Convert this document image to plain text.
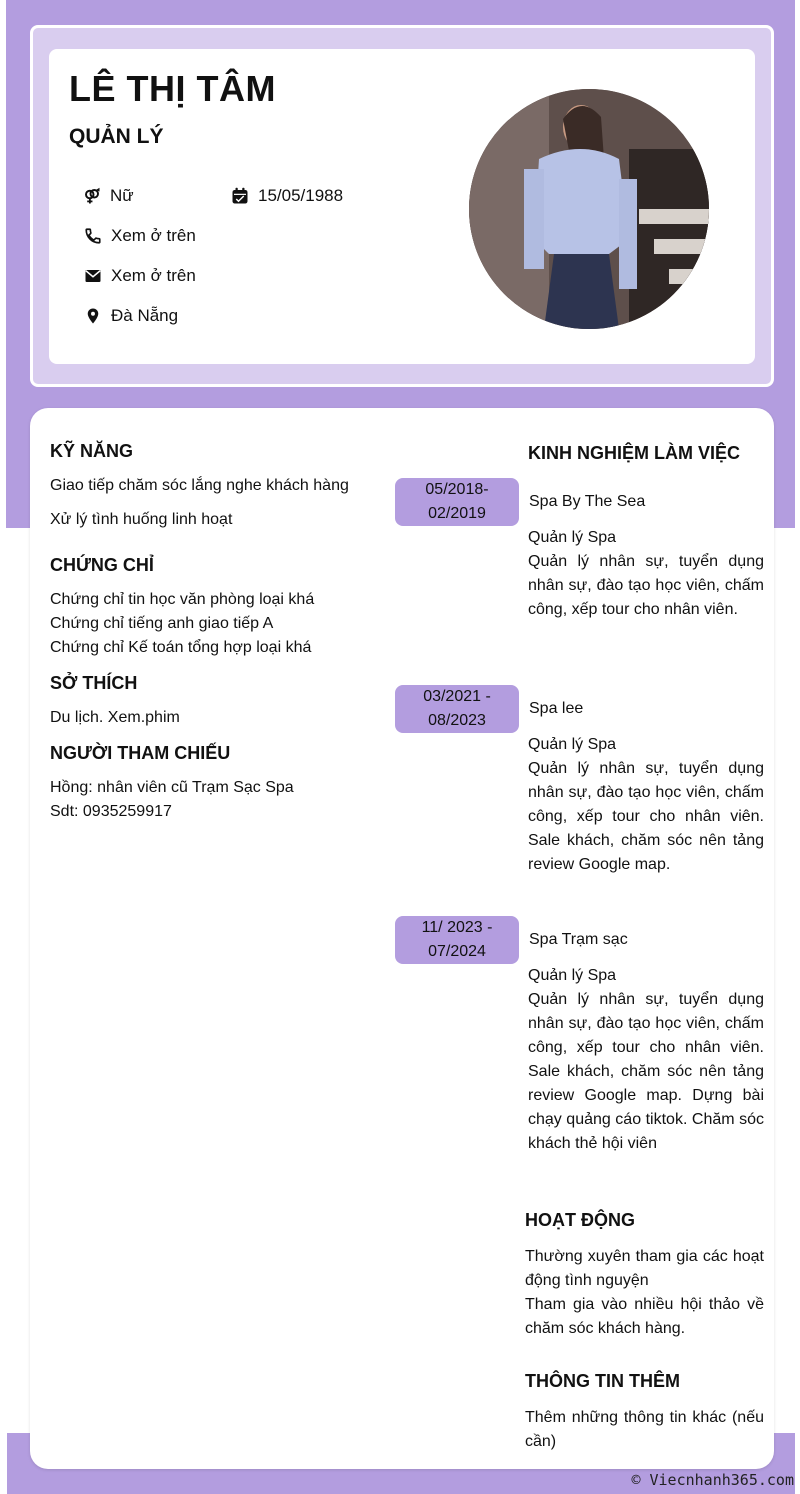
LÊ THỊ TÂM
QUẢN LÝ
Nữ	15/05/1988
Xem ở trên
Xem ở trên
Đà Nẵng
KỸ NĂNG
Giao tiếp chăm sóc lắng nghe khách hàng
Xử lý tình huống linh hoạt
CHỨNG CHỈ
Chứng chỉ tin học văn phòng loại khá
Chứng chỉ tiếng anh giao tiếp A
Chứng chỉ Kế toán tổng hợp loại khá
SỞ THÍCH
Du lịch. Xem.phim
NGƯỜI THAM CHIẾU
Hồng: nhân viên cũ Trạm Sạc Spa
Sdt: 0935259917
KINH NGHIỆM LÀM VIỆC
05/2018-
02/2019
Spa By The Sea
Quản lý Spa
Quản lý nhân sự, tuyển dụng nhân sự, đào tạo học viên, chấm công, xếp tour cho nhân viên.
03/2021 -
08/2023
Spa lee
Quản lý Spa
Quản lý nhân sự, tuyển dụng nhân sự, đào tạo học viên, chấm công, xếp tour cho nhân viên. Sale khách, chăm sóc nên tảng review Google map.
11/ 2023 -
07/2024
Spa Trạm sạc
Quản lý Spa
Quản lý nhân sự, tuyển dụng nhân sự, đào tạo học viên, chấm công, xếp tour cho nhân viên. Sale khách, chăm sóc nên tảng review Google map. Dựng bài chạy quảng cáo tiktok. Chăm sóc khách thẻ hội viên
HOẠT ĐỘNG
Thường xuyên tham gia các hoạt động tình nguyện
Tham gia vào nhiều hội thảo về chăm sóc khách hàng.
THÔNG TIN THÊM
Thêm những thông tin khác (nếu cần)
© Viecnhanh365.com
